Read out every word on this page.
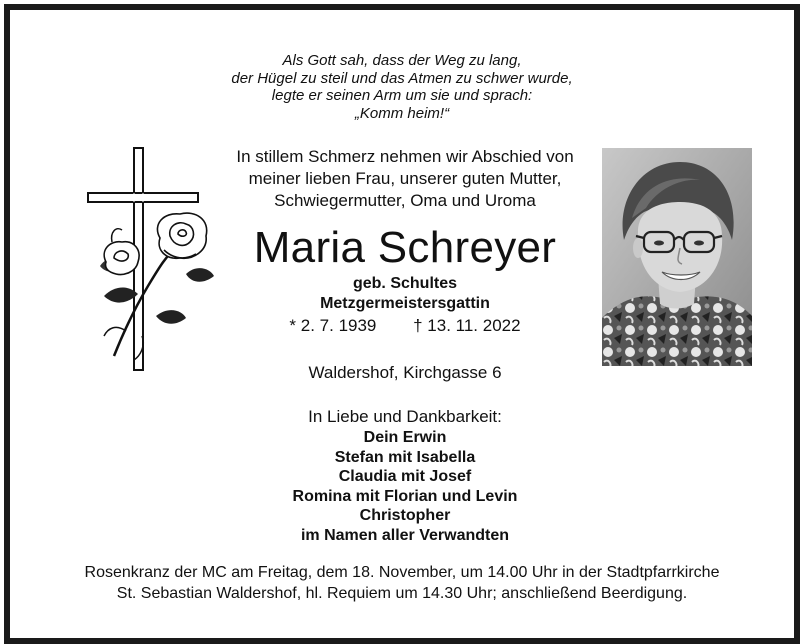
Als Gott sah, dass der Weg zu lang,
der Hügel zu steil und das Atmen zu schwer wurde,
legte er seinen Arm um sie und sprach:
„Komm heim!“
In stillem Schmerz nehmen wir Abschied von
meiner lieben Frau, unserer guten Mutter,
Schwiegermutter, Oma und Uroma
Maria Schreyer
geb. Schultes
Metzgermeistersgattin
* 2. 7. 1939 † 13. 11. 2022
Waldershof, Kirchgasse 6
In Liebe und Dankbarkeit:
Dein Erwin
Stefan mit Isabella
Claudia mit Josef
Romina mit Florian und Levin
Christopher
im Namen aller Verwandten
Rosenkranz der MC am Freitag, dem 18. November, um 14.00 Uhr in der Stadtpfarrkirche
St. Sebastian Waldershof, hl. Requiem um 14.30 Uhr; anschließend Beerdigung.
